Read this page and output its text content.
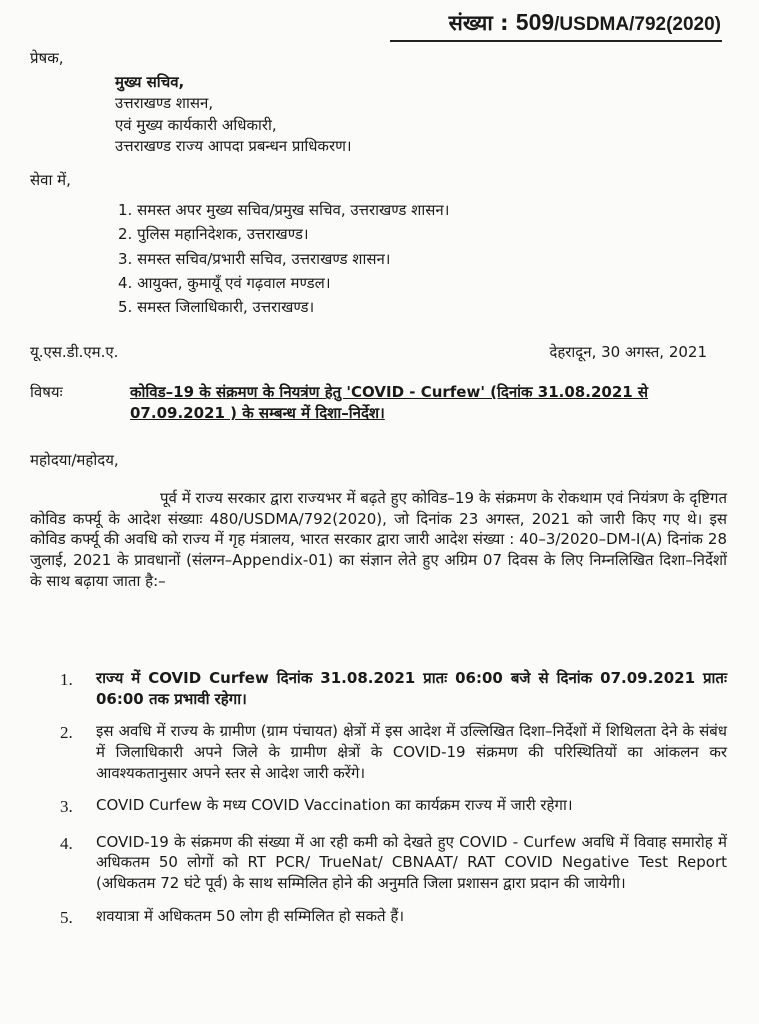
संख्या : 509/USDMA/792(2020)
प्रेषक,
मुख्य सचिव,
उत्तराखण्ड शासन,
एवं मुख्य कार्यकारी अधिकारी,
उत्तराखण्ड राज्य आपदा प्रबन्धन प्राधिकरण।
सेवा में,
1. समस्त अपर मुख्य सचिव/प्रमुख सचिव, उत्तराखण्ड शासन।
2. पुलिस महानिदेशक, उत्तराखण्ड।
3. समस्त सचिव/प्रभारी सचिव, उत्तराखण्ड शासन।
4. आयुक्त, कुमायूँ एवं गढ़वाल मण्डल।
5. समस्त जिलाधिकारी, उत्तराखण्ड।
यू.एस.डी.एम.ए.	देहरादून, 30 अगस्त, 2021
विषयः	कोविड–19 के संक्रमण के नियत्रंण हेतु 'COVID - Curfew' (दिनांक 31.08.2021 से 07.09.2021 ) के सम्बन्ध में दिशा–निर्देश।
महोदया/महोदय,
पूर्व में राज्य सरकार द्वारा राज्यभर में बढ़ते हुए कोविड–19 के संक्रमण के रोकथाम एवं नियंत्रण के दृष्टिगत कोविड कर्फ्यू के आदेश संख्याः 480/USDMA/792(2020), जो दिनांक 23 अगस्त, 2021 को जारी किए गए थे। इस कोविड कर्फ्यू की अवधि को राज्य में गृह मंत्रालय, भारत सरकार द्वारा जारी आदेश संख्या : 40–3/2020–DM-I(A) दिनांक 28 जुलाई, 2021 के प्रावधानों (संलग्न–Appendix-01) का संज्ञान लेते हुए अग्रिम 07 दिवस के लिए निम्नलिखित दिशा–निर्देशों के साथ बढ़ाया जाता है:–
1.	राज्य में COVID Curfew दिनांक 31.08.2021 प्रातः 06:00 बजे से दिनांक 07.09.2021 प्रातः 06:00 तक प्रभावी रहेगा।
2.	इस अवधि में राज्य के ग्रामीण (ग्राम पंचायत) क्षेत्रों में इस आदेश में उल्लिखित दिशा–निर्देशों में शिथिलता देने के संबंध में जिलाधिकारी अपने जिले के ग्रामीण क्षेत्रों के COVID-19 संक्रमण की परिस्थितियों का आंकलन कर आवश्यकतानुसार अपने स्तर से आदेश जारी करेंगे।
3.	COVID Curfew के मध्य COVID Vaccination का कार्यक्रम राज्य में जारी रहेगा।
4.	COVID-19 के संक्रमण की संख्या में आ रही कमी को देखते हुए COVID - Curfew अवधि में विवाह समारोह में अधिकतम 50 लोगों को RT PCR/ TrueNat/ CBNAAT/ RAT COVID Negative Test Report (अधिकतम 72 घंटे पूर्व) के साथ सम्मिलित होने की अनुमति जिला प्रशासन द्वारा प्रदान की जायेगी।
5.	शवयात्रा में अधिकतम 50 लोग ही सम्मिलित हो सकते हैं।
